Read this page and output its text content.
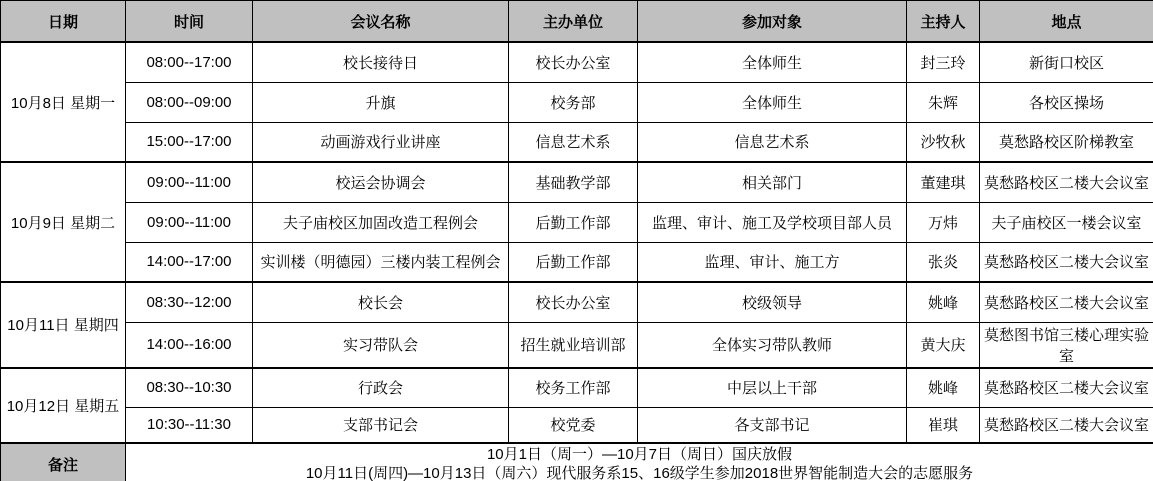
日期	时间	会议名称	主办单位	参加对象	主持人	地点
10月8日 星期一	08:00--17:00	校长接待日	校长办公室	全体师生	封三玲	新街口校区
	08:00--09:00	升旗	校务部	全体师生	朱辉	各校区操场
	15:00--17:00	动画游戏行业讲座	信息艺术系	信息艺术系	沙牧秋	莫愁路校区阶梯教室
10月9日 星期二	09:00--11:00	校运会协调会	基础教学部	相关部门	董建琪	莫愁路校区二楼大会议室
	09:00--11:00	夫子庙校区加固改造工程例会	后勤工作部	监理、审计、施工及学校项目部人员	万炜	夫子庙校区一楼会议室
	14:00--17:00	实训楼（明德园）三楼内装工程例会	后勤工作部	监理、审计、施工方	张炎	莫愁路校区二楼大会议室
10月11日 星期四	08:30--12:00	校长会	校长办公室	校级领导	姚峰	莫愁路校区二楼大会议室
	14:00--16:00	实习带队会	招生就业培训部	全体实习带队教师	黄大庆	莫愁图书馆三楼心理实验室
10月12日 星期五	08:30--10:30	行政会	校务工作部	中层以上干部	姚峰	莫愁路校区二楼大会议室
	10:30--11:30	支部书记会	校党委	各支部书记	崔琪	莫愁路校区二楼大会议室
备注	10月1日（周一）—10月7日（周日）国庆放假
10月11日(周四)—10月13日（周六）现代服务系15、16级学生参加2018世界智能制造大会的志愿服务					
